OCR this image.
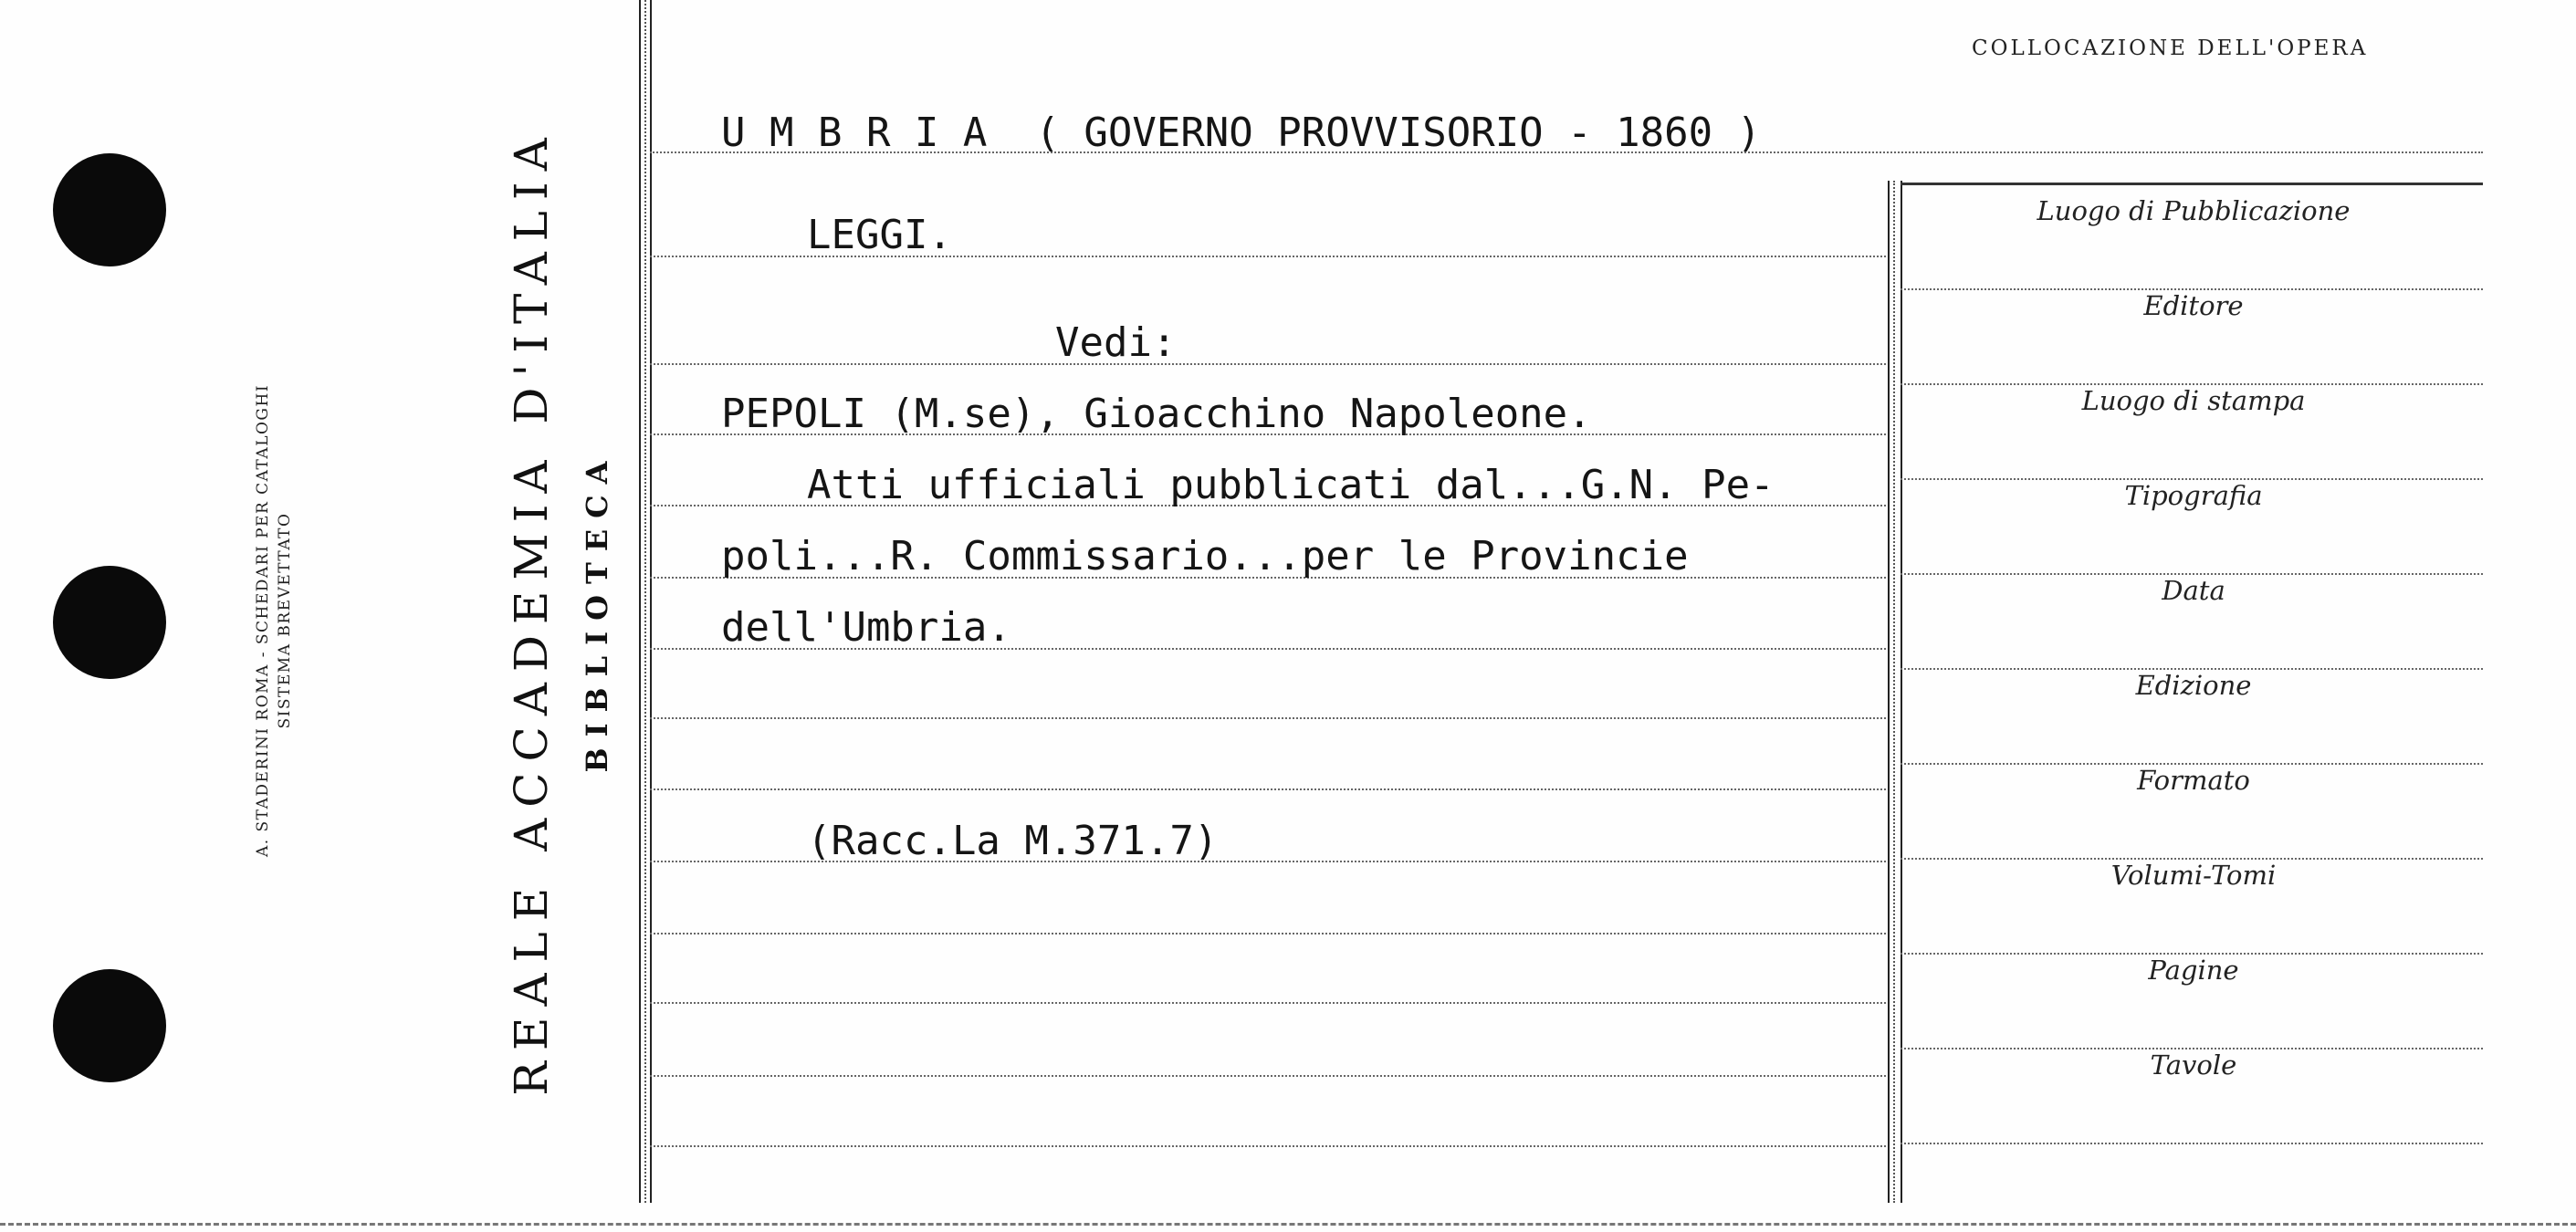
A. STADERINI ROMA - SCHEDARI PER CATALOGHI SISTEMA BREVETTATO	REALE ACCADEMIA D'ITALIA BIBLIOTECA
COLLOCAZIONE DELL'OPERA
U M B R I A  ( GOVERNO PROVVISORIO - 1860 )
LEGGI.
Vedi:
PEPOLI (M.se), Gioacchino Napoleone.
Atti ufficiali pubblicati dal...G.N. Pe-
poli...R. Commissario...per le Provincie
dell'Umbria.
(Racc.La M.371.7)
Luogo di Pubblicazione
Editore
Luogo di stampa
Tipografia
Data
Edizione
Formato
Volumi-Tomi
Pagine
Tavole
